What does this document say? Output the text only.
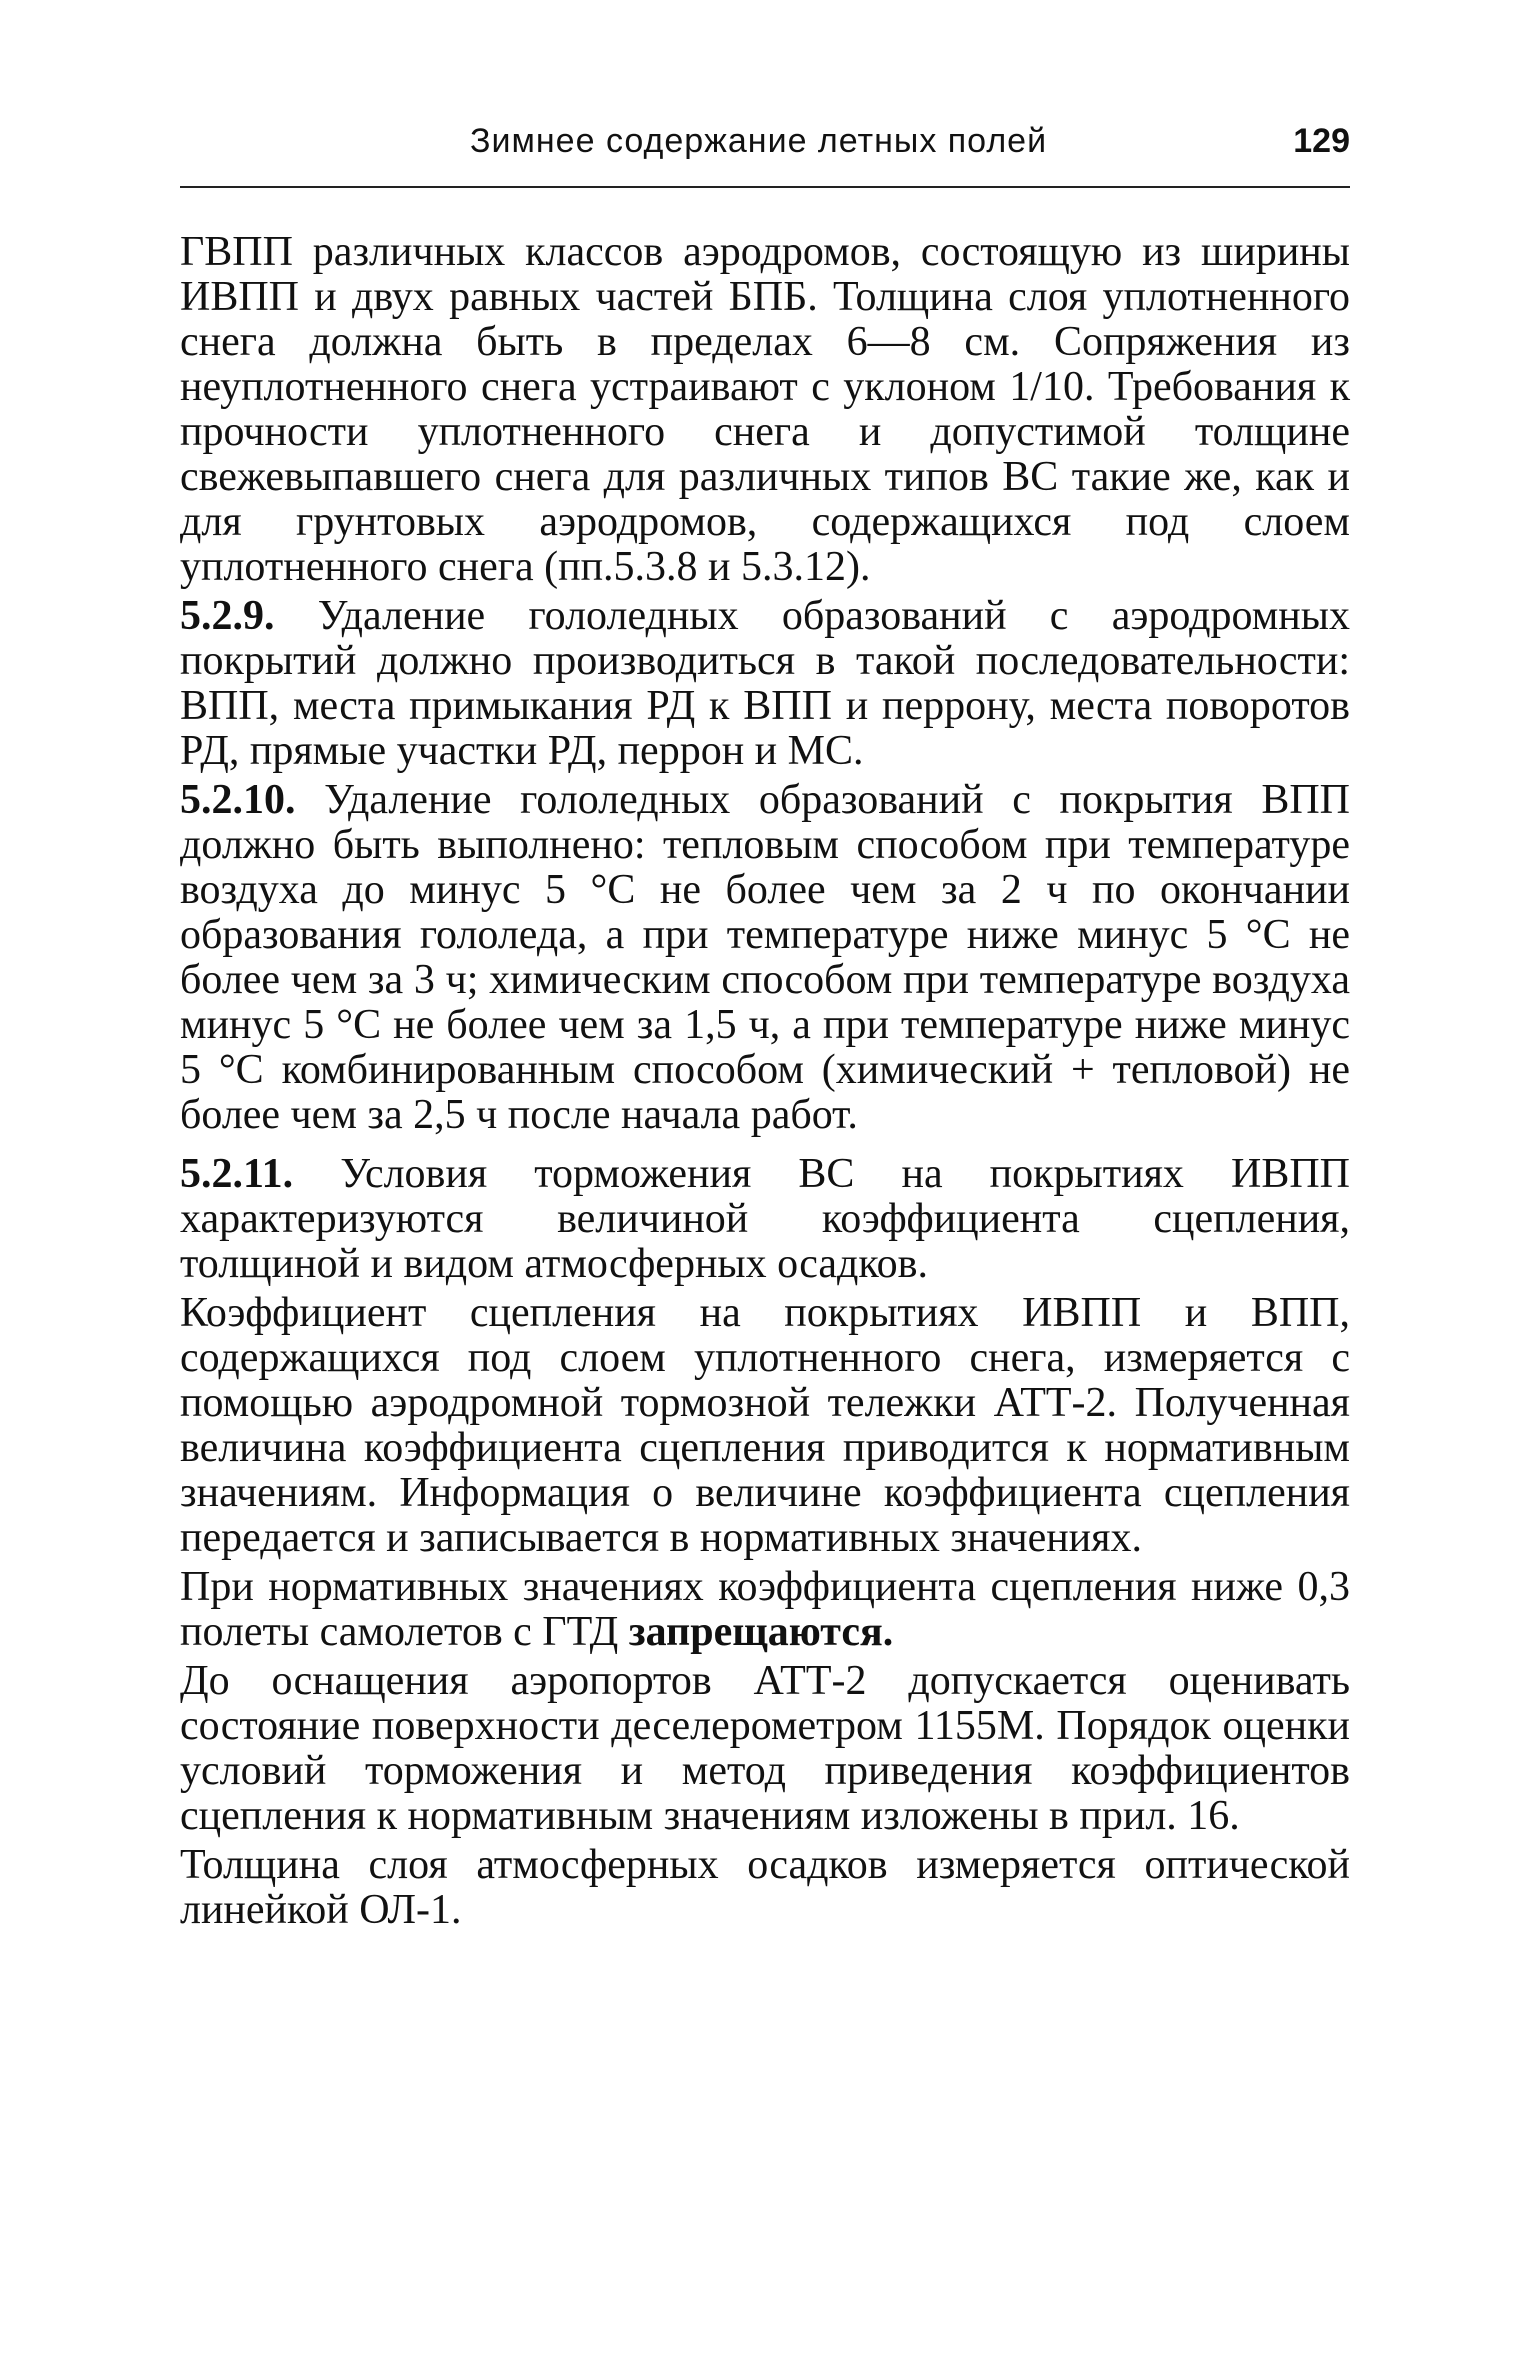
Зимнее содержание летных полей	129

ГВПП различных классов аэродромов, состоящую из ширины ИВПП и двух равных частей БПБ. Толщина слоя уплотненного снега должна быть в пределах 6—8 см. Сопряжения из неуплотненного снега устраивают с уклоном 1/10. Требования к прочности уплотненного снега и допустимой толщине свежевыпавшего снега для различных типов ВС такие же, как и для грунтовых аэродромов, содержащихся под слоем уплотненного снега (пп.5.3.8 и 5.3.12).

5.2.9. Удаление гололедных образований с аэродромных покрытий должно производиться в такой последовательности: ВПП, места примыкания РД к ВПП и перрону, места поворотов РД, прямые участки РД, перрон и МС.

5.2.10. Удаление гололедных образований с покрытия ВПП должно быть выполнено: тепловым способом при температуре воздуха до минус 5 °С не более чем за 2 ч по окончании образования гололеда, а при температуре ниже минус 5 °С не более чем за 3 ч; химическим способом при температуре воздуха минус 5 °С не более чем за 1,5 ч, а при температуре ниже минус 5 °С комбинированным способом (химический + тепловой) не более чем за 2,5 ч после начала работ.

5.2.11. Условия торможения ВС на покрытиях ИВПП характеризуются величиной коэффициента сцепления, толщиной и видом атмосферных осадков.

Коэффициент сцепления на покрытиях ИВПП и ВПП, содержащихся под слоем уплотненного снега, измеряется с помощью аэродромной тормозной тележки АТТ-2. Полученная величина коэффициента сцепления приводится к нормативным значениям. Информация о величине коэффициента сцепления передается и записывается в нормативных значениях.

При нормативных значениях коэффициента сцепления ниже 0,3 полеты самолетов с ГТД запрещаются.

До оснащения аэропортов АТТ-2 допускается оценивать состояние поверхности деселерометром 1155М. Порядок оценки условий торможения и метод приведения коэффициентов сцепления к нормативным значениям изложены в прил. 16.

Толщина слоя атмосферных осадков измеряется оптической линейкой ОЛ-1.
